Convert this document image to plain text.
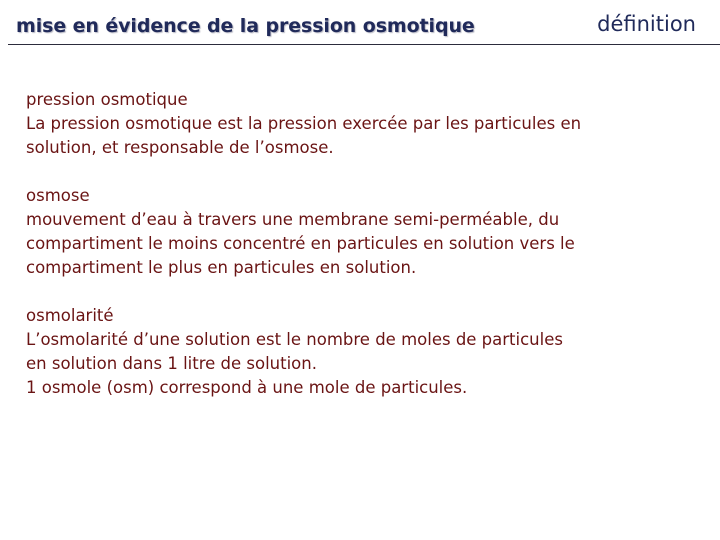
mise en évidence de la pression osmotique	définition
pression osmotique
La pression osmotique est la pression exercée par les particules en
solution, et responsable de l’osmose.
osmose
mouvement d’eau à travers une membrane semi-perméable, du
compartiment le moins concentré en particules en solution vers le
compartiment le plus en particules en solution.
osmolarité
L’osmolarité d’une solution est le nombre de moles de particules
en solution dans 1 litre de solution.
1 osmole (osm) correspond à une mole de particules.
